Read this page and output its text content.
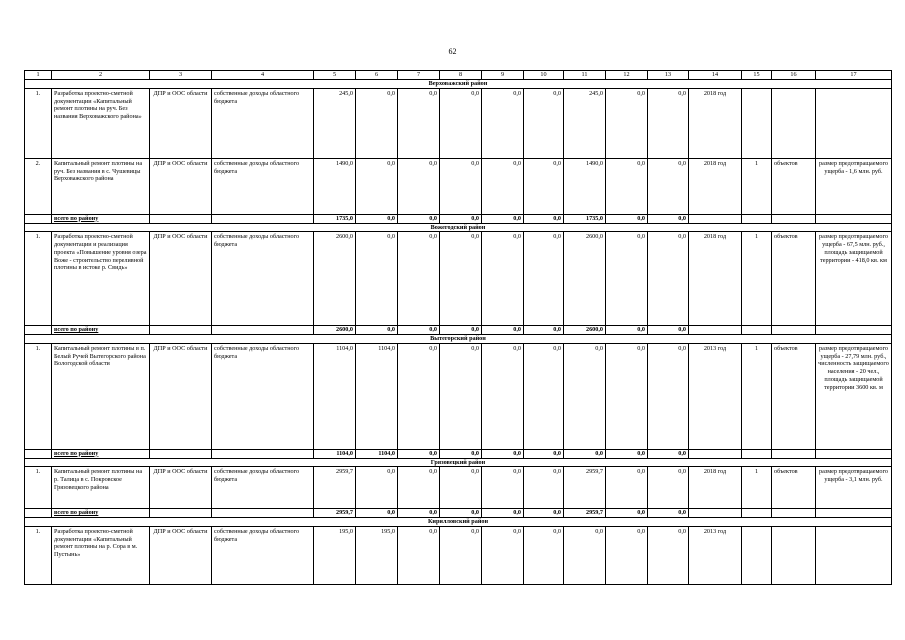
62
1	2	3	4	5	6	7	8	9	10	11	12	13	14	15	16	17
Верховажский район																
1.	Разработка проектно-сметной документации «Капитальный ремонт плотины на руч. Без названия Верховажского района»	ДПР и ООС области	собственные доходы областного бюджета	245,0	0,0	0,0	0,0	0,0	0,0	245,0	0,0	0,0	2018 год			
2.	Капитальный ремонт плотины на руч. Без названия в с. Чушевицы Верховажского района	ДПР и ООС области	собственные доходы областного бюджета	1490,0	0,0	0,0	0,0	0,0	0,0	1490,0	0,0	0,0	2018 год	1	объектов	размер предотвращаемого ущерба - 1,6 млн. руб.
	всего по району			1735,0	0,0	0,0	0,0	0,0	0,0	1735,0	0,0	0,0				
Вожегодский район																
1.	Разработка проектно-сметной документации и реализация проекта «Повышение уровня озера Воже - строительство переливной плотины в истоке р. Свидь»	ДПР и ООС области	собственные доходы областного бюджета	2600,0	0,0	0,0	0,0	0,0	0,0	2600,0	0,0	0,0	2018 год	1	объектов	размер предотвращаемого ущерба - 67,5 млн. руб., площадь защищаемой территории - 418,0 кв. км
	всего по району			2600,0	0,0	0,0	0,0	0,0	0,0	2600,0	0,0	0,0				
Вытегорский район																
1.	Капитальный ремонт плотины в п. Белый Ручей Вытегорского района Вологодской области	ДПР и ООС области	собственные доходы областного бюджета	1104,0	1104,0	0,0	0,0	0,0	0,0	0,0	0,0	0,0	2013 год	1	объектов	размер предотвращаемого ущерба - 27,79 млн. руб., численность защищаемого населения - 20 чел., площадь защищаемой территории 3600 кв. м
	всего по району			1104,0	1104,0	0,0	0,0	0,0	0,0	0,0	0,0	0,0				
Грязовецкий район																
1.	Капитальный ремонт плотины на р. Талица в с. Покровское Грязовецкого района	ДПР и ООС области	собственные доходы областного бюджета	2959,7	0,0	0,0	0,0	0,0	0,0	2959,7	0,0	0,0	2018 год	1	объектов	размер предотвращаемого ущерба - 3,1 млн. руб.
	всего по району			2959,7	0,0	0,0	0,0	0,0	0,0	2959,7	0,0	0,0				
Кирилловский район																
1.	Разработка проектно-сметной документации «Капитальный ремонт плотины на р. Сора в м. Пустынь»	ДПР и ООС области	собственные доходы областного бюджета	195,0	195,0	0,0	0,0	0,0	0,0	0,0	0,0	0,0	2013 год			
